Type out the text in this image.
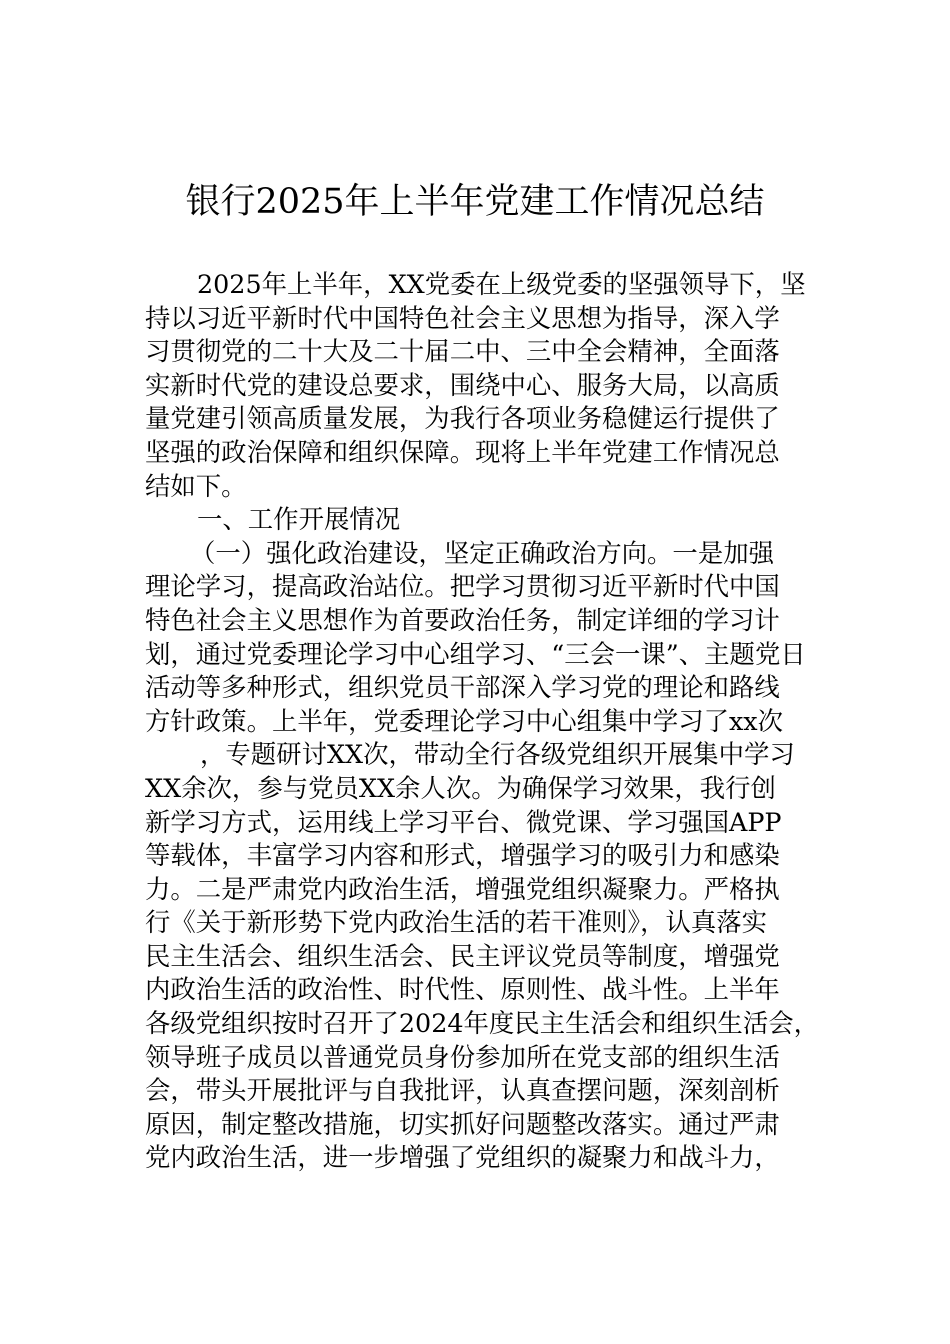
银行2025年上半年党建工作情况总结
2025年上半年，XX党委在上级党委的坚强领导下，坚
持以习近平新时代中国特色社会主义思想为指导，深入学
习贯彻党的二十大及二十届二中、三中全会精神，全面落
实新时代党的建设总要求，围绕中心、服务大局，以高质
量党建引领高质量发展，为我行各项业务稳健运行提供了
坚强的政治保障和组织保障。现将上半年党建工作情况总
结如下。
一、工作开展情况
（一）强化政治建设，坚定正确政治方向。一是加强
理论学习，提高政治站位。把学习贯彻习近平新时代中国
特色社会主义思想作为首要政治任务，制定详细的学习计
划，通过党委理论学习中心组学习、“三会一课”、主题党日
活动等多种形式，组织党员干部深入学习党的理论和路线
方针政策。上半年，党委理论学习中心组集中学习了xx次
，专题研讨XX次，带动全行各级党组织开展集中学习
XX余次，参与党员XX余人次。为确保学习效果，我行创
新学习方式，运用线上学习平台、微党课、学习强国APP
等载体，丰富学习内容和形式，增强学习的吸引力和感染
力。二是严肃党内政治生活，增强党组织凝聚力。严格执
行《关于新形势下党内政治生活的若干准则》，认真落实
民主生活会、组织生活会、民主评议党员等制度，增强党
内政治生活的政治性、时代性、原则性、战斗性。上半年
各级党组织按时召开了2024年度民主生活会和组织生活会，
领导班子成员以普通党员身份参加所在党支部的组织生活
会，带头开展批评与自我批评，认真查摆问题，深刻剖析
原因，制定整改措施，切实抓好问题整改落实。通过严肃
党内政治生活，进一步增强了党组织的凝聚力和战斗力，
